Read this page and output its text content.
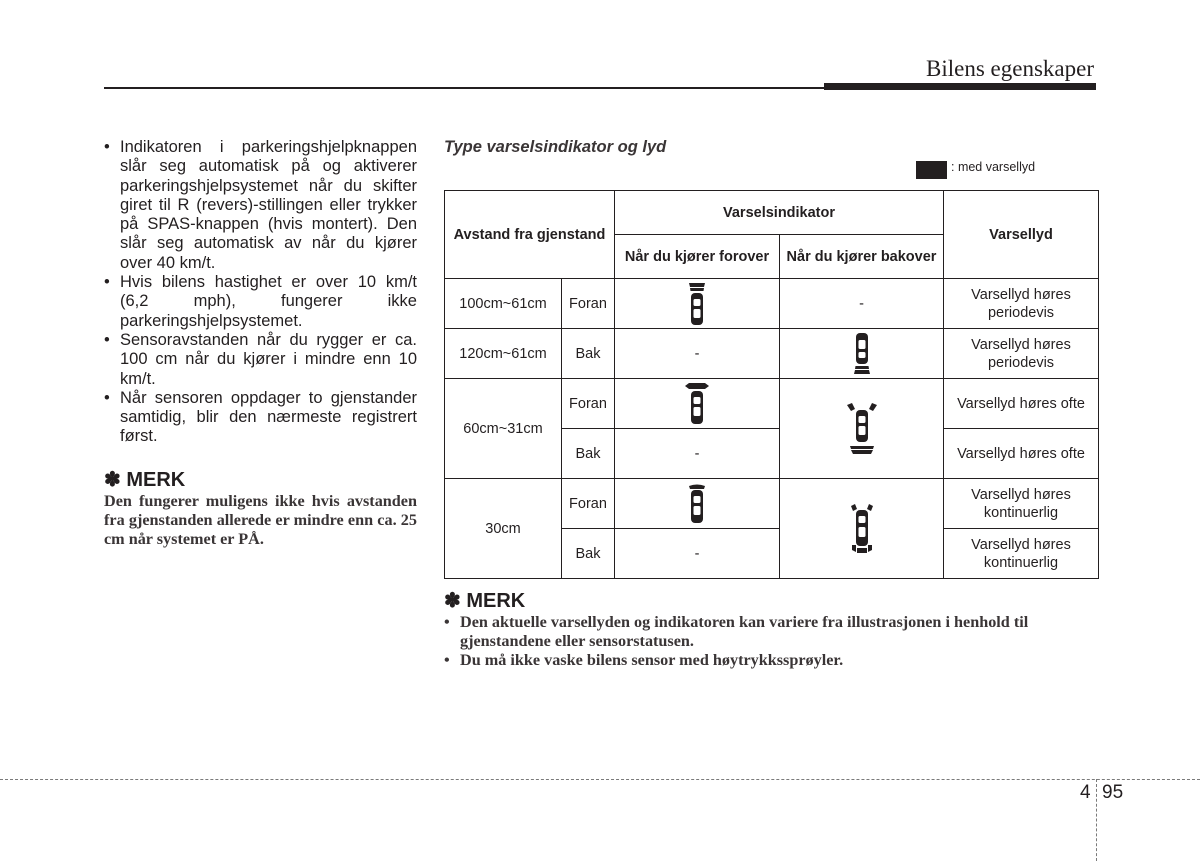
Bilens egenskaper
• Indikatoren i parkeringshjelpknappen slår seg automatisk på og aktiverer parkeringshjelpsystemet når du skifter giret til R (revers)-stillingen eller trykker på SPAS-knappen (hvis montert). Den slår seg automatisk av når du kjører over 40 km/t.
• Hvis bilens hastighet er over 10 km/t (6,2 mph), fungerer ikke parkeringshjelpsystemet.
• Sensoravstanden når du rygger er ca. 100 cm når du kjører i mindre enn 10 km/t.
• Når sensoren oppdager to gjenstander samtidig, blir den nærmeste registrert først.
✽ MERK
Den fungerer muligens ikke hvis avstanden fra gjenstanden allerede er mindre enn ca. 25 cm når systemet er PÅ.
Type varselsindikator og lyd
: med varsellyd
Avstand fra gjenstand		Varselsindikator		Varsellyd
		Når du kjører forover	Når du kjører bakover	
100cm~61cm	Foran		-	Varsellyd høres periodevis
120cm~61cm	Bak	-		Varsellyd høres periodevis
60cm~31cm	Foran			Varsellyd høres ofte
	Bak	-		Varsellyd høres ofte
30cm	Foran			Varsellyd høres kontinuerlig
	Bak	-		Varsellyd høres kontinuerlig
✽ MERK
• Den aktuelle varsellyden og indikatoren kan variere fra illustrasjonen i henhold til gjenstandene eller sensorstatusen.
• Du må ikke vaske bilens sensor med høytrykkssprøyler.
4 95
